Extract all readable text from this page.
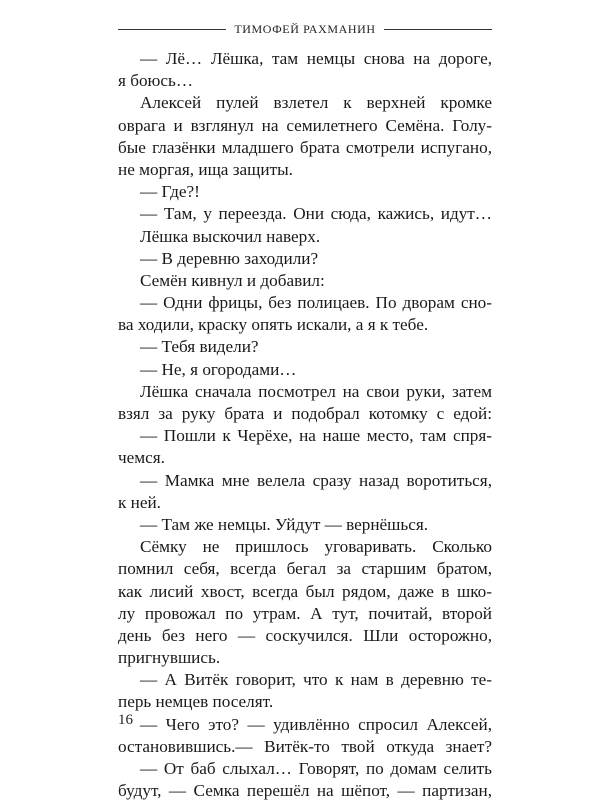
ТИМОФЕЙ РАХМАНИН
— Лё… Лёшка, там немцы снова на дороге,
я боюсь…
Алексей пулей взлетел к верхней кромке
оврага и взглянул на семилетнего Семёна. Голу-
бые глазёнки младшего брата смотрели испугано,
не моргая, ища защиты.
— Где?!
— Там, у переезда. Они сюда, кажись, идут…
Лёшка выскочил наверх.
— В деревню заходили?
Семён кивнул и добавил:
— Одни фрицы, без полицаев. По дворам сно-
ва ходили, краску опять искали, а я к тебе.
— Тебя видели?
— Не, я огородами…
Лёшка сначала посмотрел на свои руки, затем
взял за руку брата и подобрал котомку с едой:
— Пошли к Черёхе, на наше место, там спря-
чемся.
— Мамка мне велела сразу назад воротиться,
к ней.
— Там же немцы. Уйдут — вернёшься.
Сёмку не пришлось уговаривать. Сколько
помнил себя, всегда бегал за старшим братом,
как лисий хвост, всегда был рядом, даже в шко-
лу провожал по утрам. А тут, почитай, второй
день без него — соскучился. Шли осторожно,
пригнувшись.
— А Витёк говорит, что к нам в деревню те-
перь немцев поселят.
— Чего это? — удивлённо спросил Алексей,
остановившись.— Витёк-то твой откуда знает?
— От баб слыхал… Говорят, по домам селить
будут, — Семка перешёл на шёпот, — партизан,
16
